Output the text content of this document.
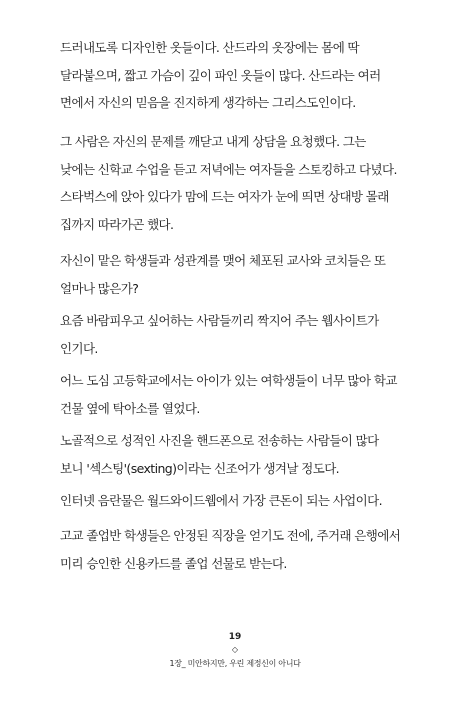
드러내도록 디자인한 옷들이다. 산드라의 옷장에는 몸에 딱
달라붙으며, 짧고 가슴이 깊이 파인 옷들이 많다. 산드라는 여러
면에서 자신의 믿음을 진지하게 생각하는 그리스도인이다.

그 사람은 자신의 문제를 깨닫고 내게 상담을 요청했다. 그는
낮에는 신학교 수업을 듣고 저녁에는 여자들을 스토킹하고 다녔다.
스타벅스에 앉아 있다가 맘에 드는 여자가 눈에 띄면 상대방 몰래
집까지 따라가곤 했다.

자신이 맡은 학생들과 성관계를 맺어 체포된 교사와 코치들은 또
얼마나 많은가?

요즘 바람피우고 싶어하는 사람들끼리 짝지어 주는 웹사이트가
인기다.

어느 도심 고등학교에서는 아이가 있는 여학생들이 너무 많아 학교
건물 옆에 탁아소를 열었다.

노골적으로 성적인 사진을 핸드폰으로 전송하는 사람들이 많다
보니 '섹스팅'(sexting)이라는 신조어가 생겨날 정도다.

인터넷 음란물은 월드와이드웹에서 가장 큰돈이 되는 사업이다.

고교 졸업반 학생들은 안정된 직장을 얻기도 전에, 주거래 은행에서
미리 승인한 신용카드를 졸업 선물로 받는다.

19
◇
1장_ 미안하지만, 우린 제정신이 아니다
